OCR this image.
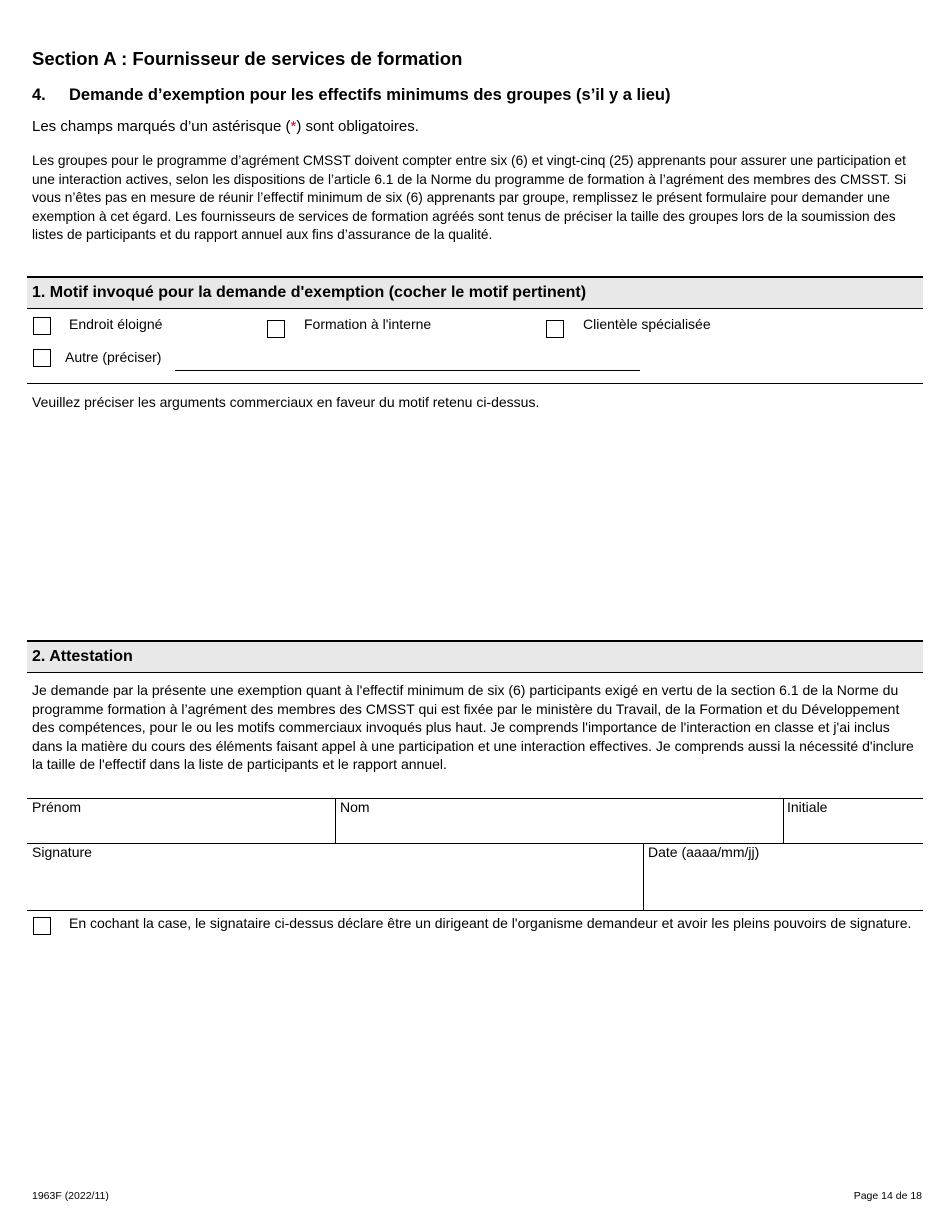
Section A : Fournisseur de services de formation
4. Demande d’exemption pour les effectifs minimums des groupes (s’il y a lieu)
Les champs marqués d’un astérisque (*) sont obligatoires.
Les groupes pour le programme d’agrément CMSST doivent compter entre six (6) et vingt-cinq (25) apprenants pour assurer une participation et une interaction actives, selon les dispositions de l’article 6.1 de la Norme du programme de formation à l’agrément des membres des CMSST. Si vous n’êtes pas en mesure de réunir l’effectif minimum de six (6) apprenants par groupe, remplissez le présent formulaire pour demander une exemption à cet égard. Les fournisseurs de services de formation agréés sont tenus de préciser la taille des groupes lors de la soumission des listes de participants et du rapport annuel aux fins d’assurance de la qualité.
1. Motif invoqué pour la demande d'exemption (cocher le motif pertinent)
Endroit éloigné	Formation à l'interne	Clientèle spécialisée
Autre (préciser)
Veuillez préciser les arguments commerciaux en faveur du motif retenu ci-dessus.
2. Attestation
Je demande par la présente une exemption quant à l'effectif minimum de six (6) participants exigé en vertu de la section 6.1 de la Norme du programme formation à l’agrément des membres des CMSST qui est fixée par le ministère du Travail, de la Formation et du Développement des compétences, pour le ou les motifs commerciaux invoqués plus haut. Je comprends l'importance de l'interaction en classe et j'ai inclus dans la matière du cours des éléments faisant appel à une participation et une interaction effectives. Je comprends aussi la nécessité d'inclure la taille de l'effectif dans la liste de participants et le rapport annuel.
Prénom	Nom	Initiale
Signature	Date (aaaa/mm/jj)
En cochant la case, le signataire ci-dessus déclare être un dirigeant de l'organisme demandeur et avoir les pleins pouvoirs de signature.
1963F (2022/11)	Page 14 de 18
